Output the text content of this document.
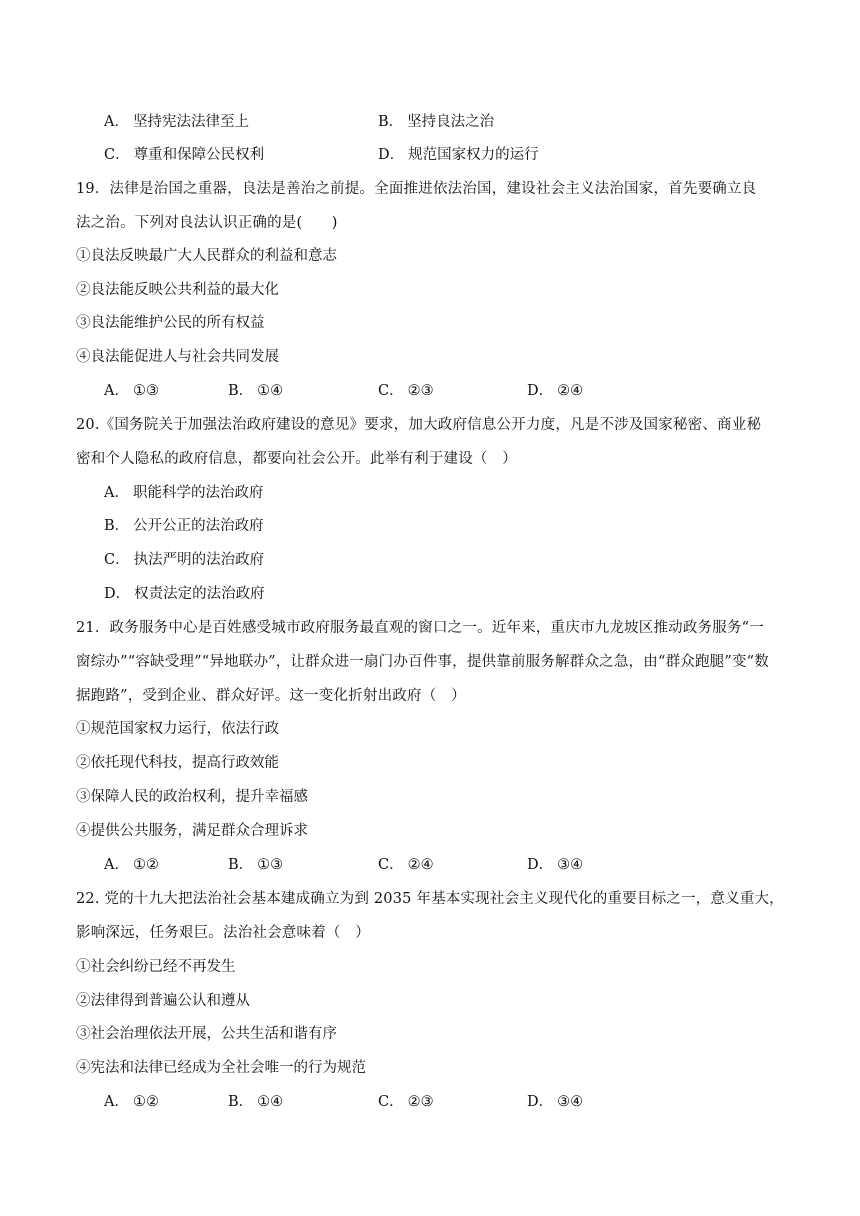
A． 坚持宪法法律至上	B． 坚持良法之治
C． 尊重和保障公民权利	D． 规范国家权力的运行
19．法律是治国之重器，良法是善治之前提。全面推进依法治国，建设社会主义法治国家，首先要确立良
法之治。下列对良法认识正确的是(　　)
①良法反映最广大人民群众的利益和意志
②良法能反映公共利益的最大化
③良法能维护公民的所有权益
④良法能促进人与社会共同发展
A． ①③	B． ①④	C． ②③	D． ②④
20.《国务院关于加强法治政府建设的意见》要求，加大政府信息公开力度，凡是不涉及国家秘密、商业秘
密和个人隐私的政府信息，都要向社会公开。此举有利于建设（　）
A． 职能科学的法治政府
B． 公开公正的法治政府
C． 执法严明的法治政府
D． 权责法定的法治政府
21．政务服务中心是百姓感受城市政府服务最直观的窗口之一。近年来，重庆市九龙坡区推动政务服务“一
窗综办”“容缺受理”“异地联办”，让群众进一扇门办百件事，提供靠前服务解群众之急，由“群众跑腿”变“数
据跑路”，受到企业、群众好评。这一变化折射出政府（　）
①规范国家权力运行，依法行政
②依托现代科技，提高行政效能
③保障人民的政治权利，提升幸福感
④提供公共服务，满足群众合理诉求
A． ①②	B． ①③	C． ②④	D． ③④
22. 党的十九大把法治社会基本建成确立为到 2035 年基本实现社会主义现代化的重要目标之一，意义重大，
影响深远，任务艰巨。法治社会意味着（　）
①社会纠纷已经不再发生
②法律得到普遍公认和遵从
③社会治理依法开展，公共生活和谐有序
④宪法和法律已经成为全社会唯一的行为规范
A． ①②	B． ①④	C． ②③	D． ③④
